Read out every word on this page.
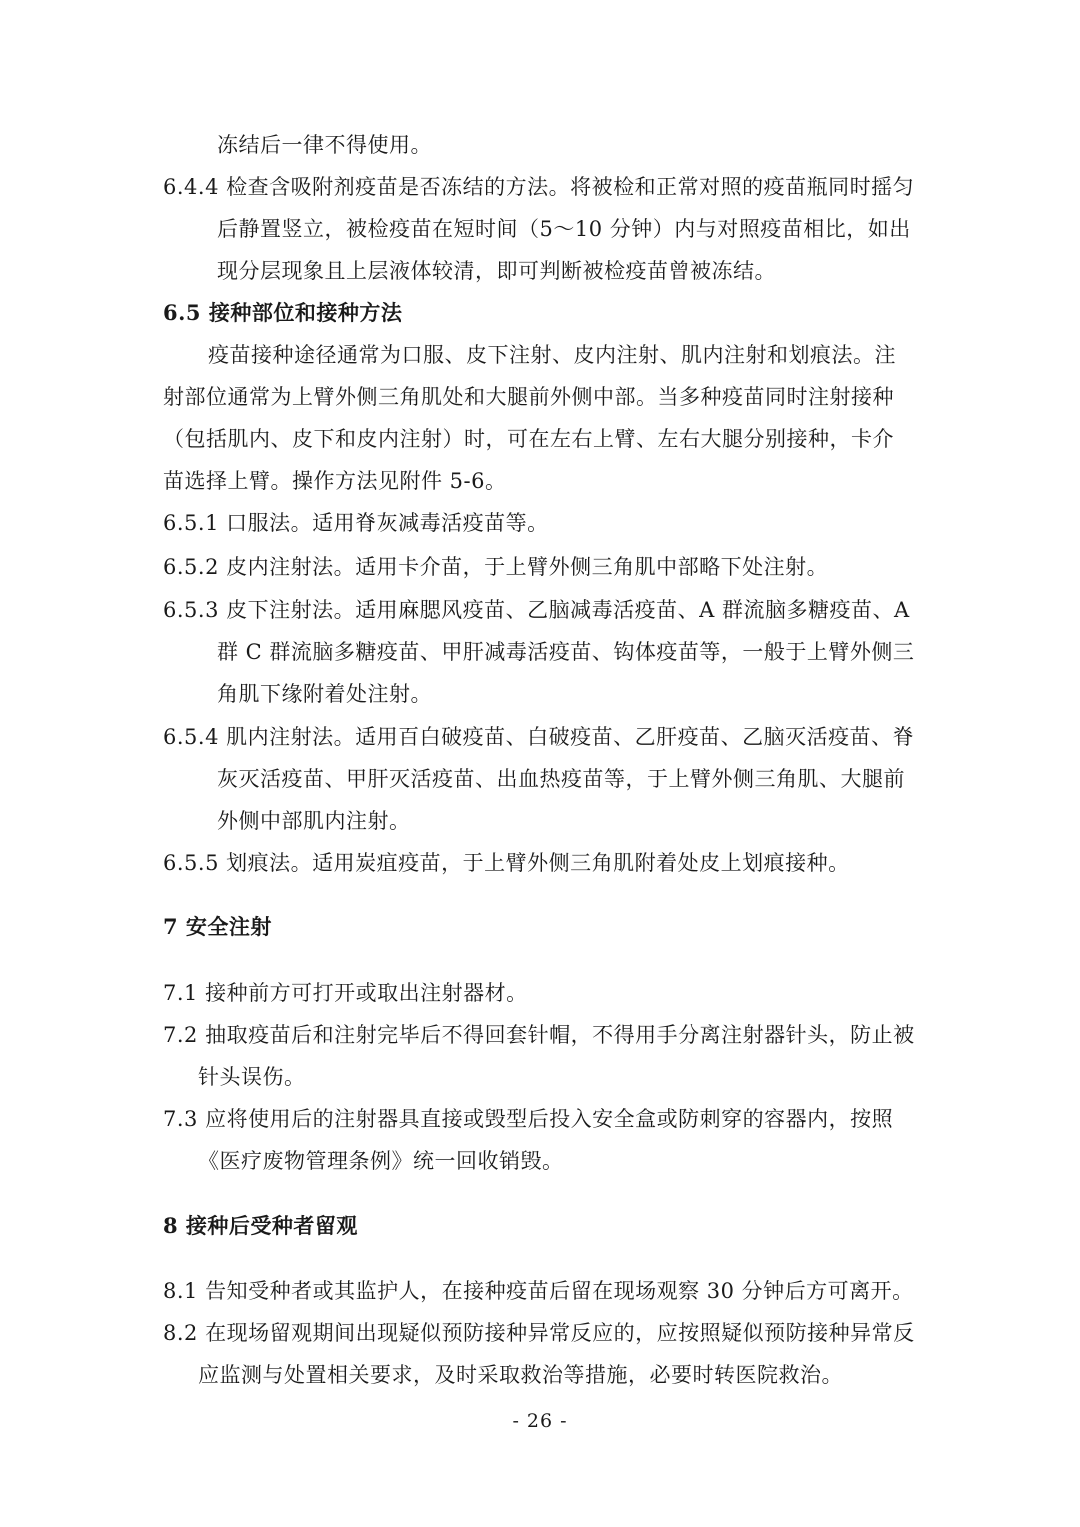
冻结后一律不得使用。
6.4.4 检查含吸附剂疫苗是否冻结的方法。将被检和正常对照的疫苗瓶同时摇匀
后静置竖立，被检疫苗在短时间（5～10 分钟）内与对照疫苗相比，如出
现分层现象且上层液体较清，即可判断被检疫苗曾被冻结。
6.5 接种部位和接种方法
疫苗接种途径通常为口服、皮下注射、皮内注射、肌内注射和划痕法。注
射部位通常为上臂外侧三角肌处和大腿前外侧中部。当多种疫苗同时注射接种
（包括肌内、皮下和皮内注射）时，可在左右上臂、左右大腿分别接种，卡介
苗选择上臂。操作方法见附件 5-6。
6.5.1 口服法。适用脊灰减毒活疫苗等。
6.5.2 皮内注射法。适用卡介苗，于上臂外侧三角肌中部略下处注射。
6.5.3 皮下注射法。适用麻腮风疫苗、乙脑减毒活疫苗、A 群流脑多糖疫苗、A
群 C 群流脑多糖疫苗、甲肝减毒活疫苗、钩体疫苗等，一般于上臂外侧三
角肌下缘附着处注射。
6.5.4 肌内注射法。适用百白破疫苗、白破疫苗、乙肝疫苗、乙脑灭活疫苗、脊
灰灭活疫苗、甲肝灭活疫苗、出血热疫苗等，于上臂外侧三角肌、大腿前
外侧中部肌内注射。
6.5.5 划痕法。适用炭疽疫苗，于上臂外侧三角肌附着处皮上划痕接种。
7 安全注射
7.1 接种前方可打开或取出注射器材。
7.2 抽取疫苗后和注射完毕后不得回套针帽，不得用手分离注射器针头，防止被
针头误伤。
7.3 应将使用后的注射器具直接或毁型后投入安全盒或防刺穿的容器内，按照
《医疗废物管理条例》统一回收销毁。
8 接种后受种者留观
8.1 告知受种者或其监护人，在接种疫苗后留在现场观察 30 分钟后方可离开。
8.2 在现场留观期间出现疑似预防接种异常反应的，应按照疑似预防接种异常反
应监测与处置相关要求，及时采取救治等措施，必要时转医院救治。
- 26 -
